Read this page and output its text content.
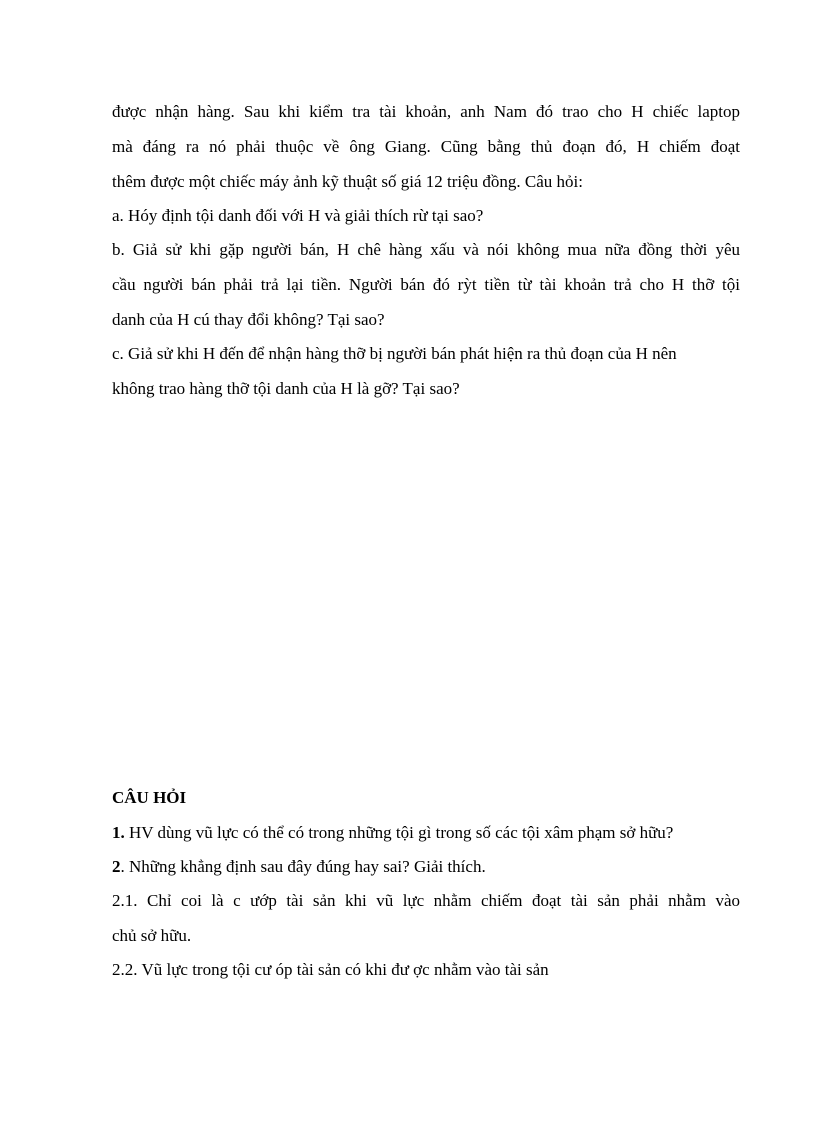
được nhận hàng. Sau khi kiểm tra tài khoản, anh Nam đó trao cho H chiếc laptop
mà đáng ra nó phải thuộc về ông Giang. Cũng bằng thủ đoạn đó, H chiếm đoạt
thêm được một chiếc máy ảnh kỹ thuật số giá 12 triệu đồng. Câu hỏi:
a. Hóy định tội danh đối với H và giải thích rừ tại sao?
b. Giả sử khi gặp người bán, H chê hàng xấu và nói không mua nữa đồng thời yêu
cầu người bán phải trả lại tiền. Người bán đó rỳt tiền từ tài khoản trả cho H thỡ tội
danh của H cú thay đổi không? Tại sao?
c. Giả sử khi H đến để nhận hàng thỡ bị người bán phát hiện ra thủ đoạn của H nên
không trao hàng thỡ tội danh của H là gỡ? Tại sao?
CÂU HỎI
1. HV dùng vũ lực có thể có trong những tội gì trong số các tội xâm phạm sở hữu?
2. Những khẳng định sau đây đúng hay sai? Giải thích.
2.1. Chỉ coi là c ướp tài sản khi vũ lực nhằm chiếm đoạt tài sản phải nhằm vào
chủ sở hữu.
2.2. Vũ lực trong tội cư óp tài sản có khi đư ợc nhằm vào tài sản
